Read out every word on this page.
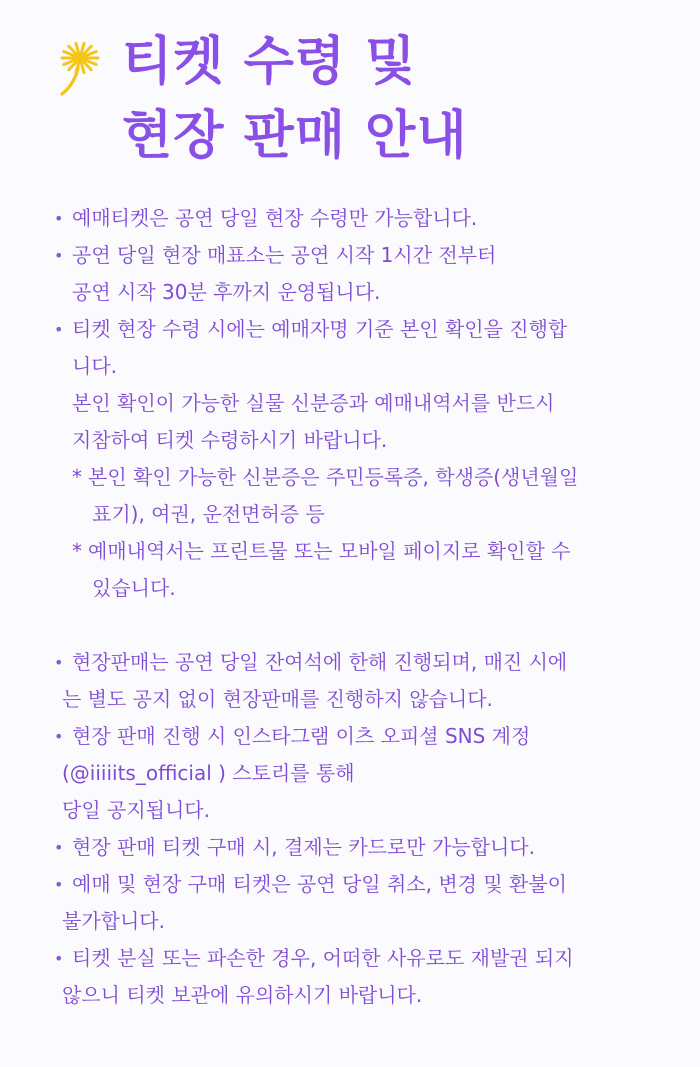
티켓 수령 및
현장 판매 안내
• 예매티켓은 공연 당일 현장 수령만 가능합니다.
• 공연 당일 현장 매표소는 공연 시작 1시간 전부터
공연 시작 30분 후까지 운영됩니다.
• 티켓 현장 수령 시에는 예매자명 기준 본인 확인을 진행합
니다.
본인 확인이 가능한 실물 신분증과 예매내역서를 반드시
지참하여 티켓 수령하시기 바랍니다.
* 본인 확인 가능한 신분증은 주민등록증, 학생증(생년월일
표기), 여권, 운전면허증 등
* 예매내역서는 프린트물 또는 모바일 페이지로 확인할 수
있습니다.
• 현장판매는 공연 당일 잔여석에 한해 진행되며, 매진 시에
는 별도 공지 없이 현장판매를 진행하지 않습니다.
• 현장 판매 진행 시 인스타그램 이츠 오피셜 SNS 계정
(@iiiiits_official ) 스토리를 통해
당일 공지됩니다.
• 현장 판매 티켓 구매 시, 결제는 카드로만 가능합니다.
• 예매 및 현장 구매 티켓은 공연 당일 취소, 변경 및 환불이
불가합니다.
• 티켓 분실 또는 파손한 경우, 어떠한 사유로도 재발권 되지
않으니 티켓 보관에 유의하시기 바랍니다.
